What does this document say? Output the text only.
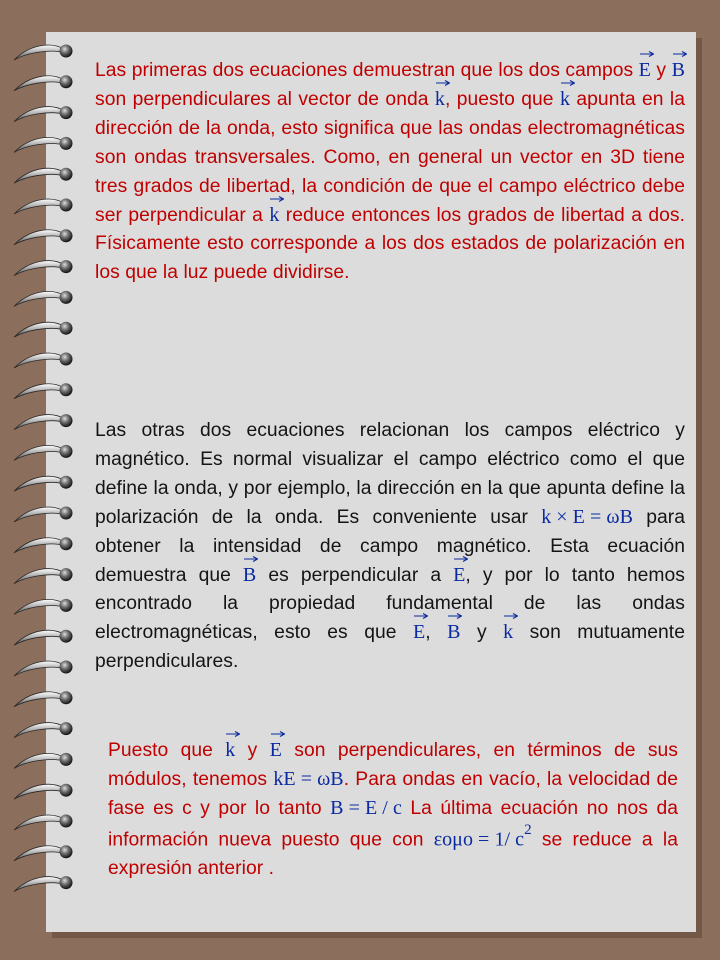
Las primeras dos ecuaciones demuestran que los dos campos
E y
B son perpendiculares al vector de onda
k, puesto que
k apunta en la dirección de la onda, esto significa que las ondas electromagnéticas son ondas transversales. Como, en general un vector en 3D tiene tres grados de libertad, la condición de que el campo eléctrico debe ser perpendicular a
k reduce entonces los grados de libertad a dos. Físicamente esto corresponde a los dos estados de polarización en los que la luz puede dividirse.
Las otras dos ecuaciones relacionan los campos eléctrico y magnético. Es normal visualizar el campo eléctrico como el que define la onda, y por ejemplo, la dirección en la que apunta define la polarización de la onda. Es conveniente usar k × E = ωB para obtener la intensidad de campo magnético. Esta ecuación demuestra que
B es perpendicular a
E, y por lo tanto hemos encontrado la propiedad fundamental de las ondas electromagnéticas, esto es que
E,
B y
k son mutuamente perpendiculares.
Puesto que
k y
E son perpendiculares, en términos de sus módulos, tenemos kE = ωB. Para ondas en vacío, la velocidad de fase es c y por lo tanto B = E / c La última ecuación no nos da información nueva puesto que con εoμo = 1/ $c^2$ se reduce a la expresión anterior .
